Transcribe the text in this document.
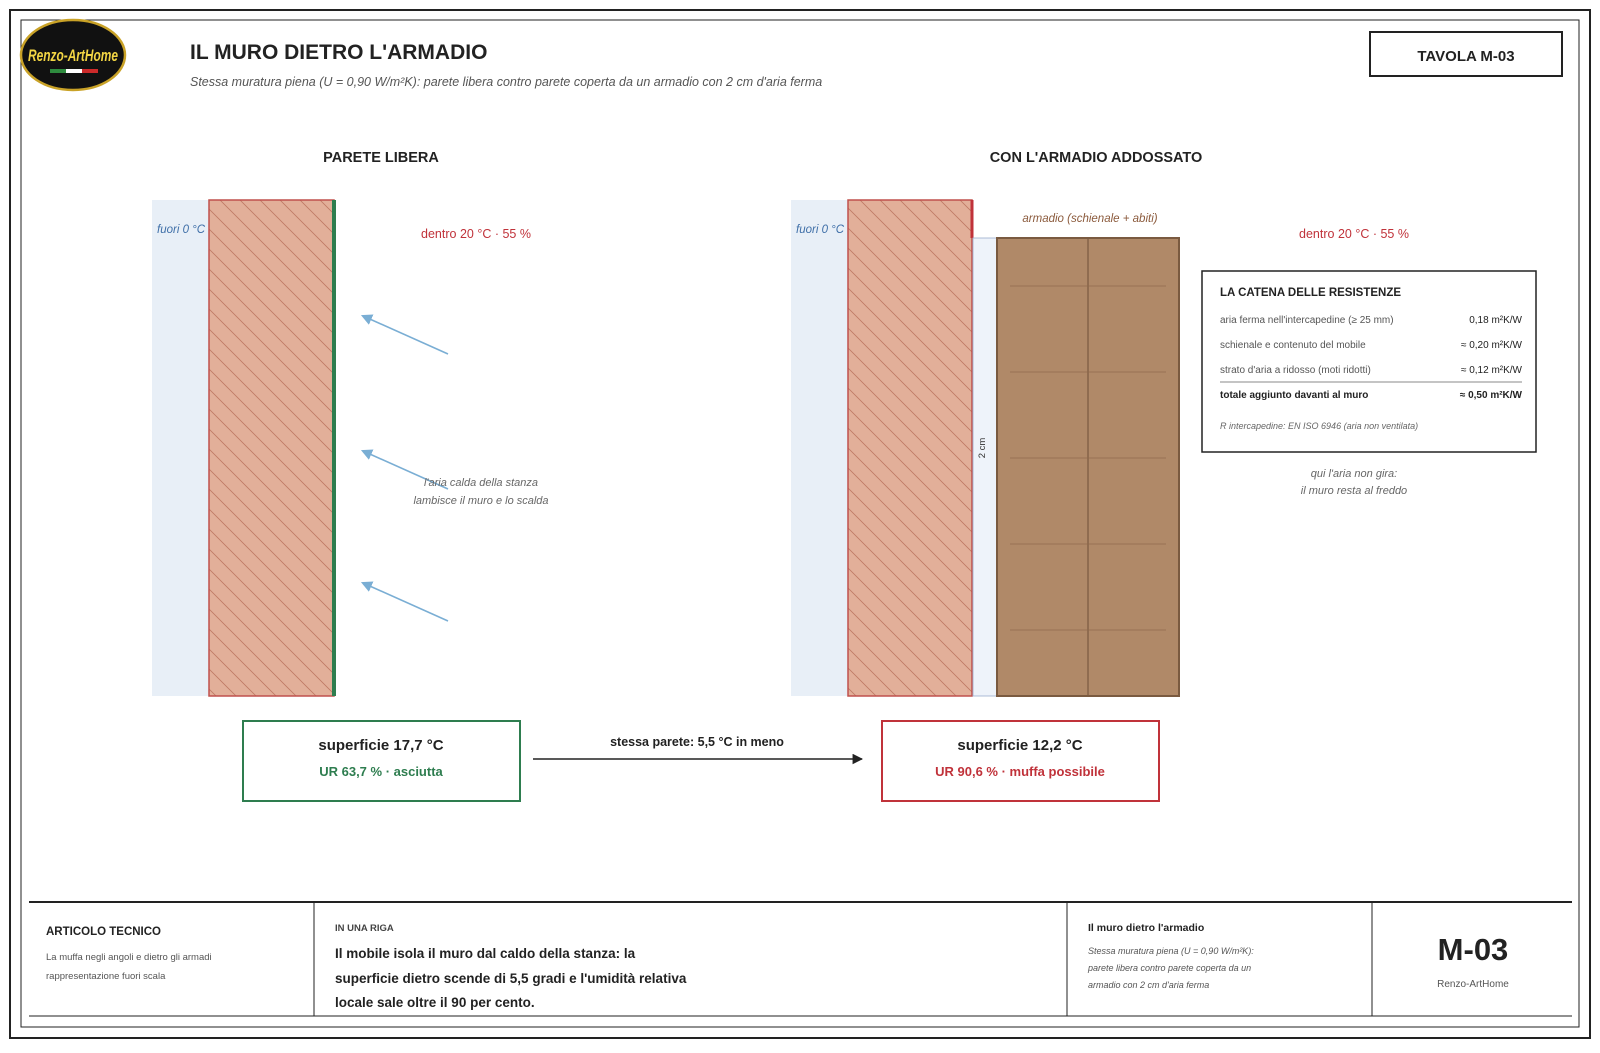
Renzo-ArtHome	IL MURO DIETRO L'ARMADIO
Stessa muratura piena (U = 0,90 W/m²K): parete libera contro parete coperta da un armadio con 2 cm d'aria ferma
TAVOLA M-03
PARETE LIBERA
fuori 0 °C	dentro 20 °C · 55 %
l'aria calda della stanza
lambisce il muro e lo scalda
superficie 17,7 °C
UR 63,7 % · asciutta
stessa parete: 5,5 °C in meno
CON L'ARMADIO ADDOSSATO
fuori 0 °C
2 cm
armadio (schienale + abiti)
dentro 20 °C · 55 %
LA CATENA DELLE RESISTENZE
aria ferma nell'intercapedine (≥ 25 mm)	0,18 m²K/W
schienale e contenuto del mobile	≈ 0,20 m²K/W
strato d'aria a ridosso (moti ridotti)	≈ 0,12 m²K/W
totale aggiunto davanti al muro	≈ 0,50 m²K/W
R intercapedine: EN ISO 6946 (aria non ventilata)
qui l'aria non gira:
il muro resta al freddo
superficie 12,2 °C
UR 90,6 % · muffa possibile
ARTICOLO TECNICO
La muffa negli angoli e dietro gli armadi
rappresentazione fuori scala
IN UNA RIGA
Il mobile isola il muro dal caldo della stanza: la
superficie dietro scende di 5,5 gradi e l'umidità relativa
locale sale oltre il 90 per cento.
Il muro dietro l'armadio
Stessa muratura piena (U = 0,90 W/m²K):
parete libera contro parete coperta da un
armadio con 2 cm d'aria ferma
M-03
Renzo-ArtHome
